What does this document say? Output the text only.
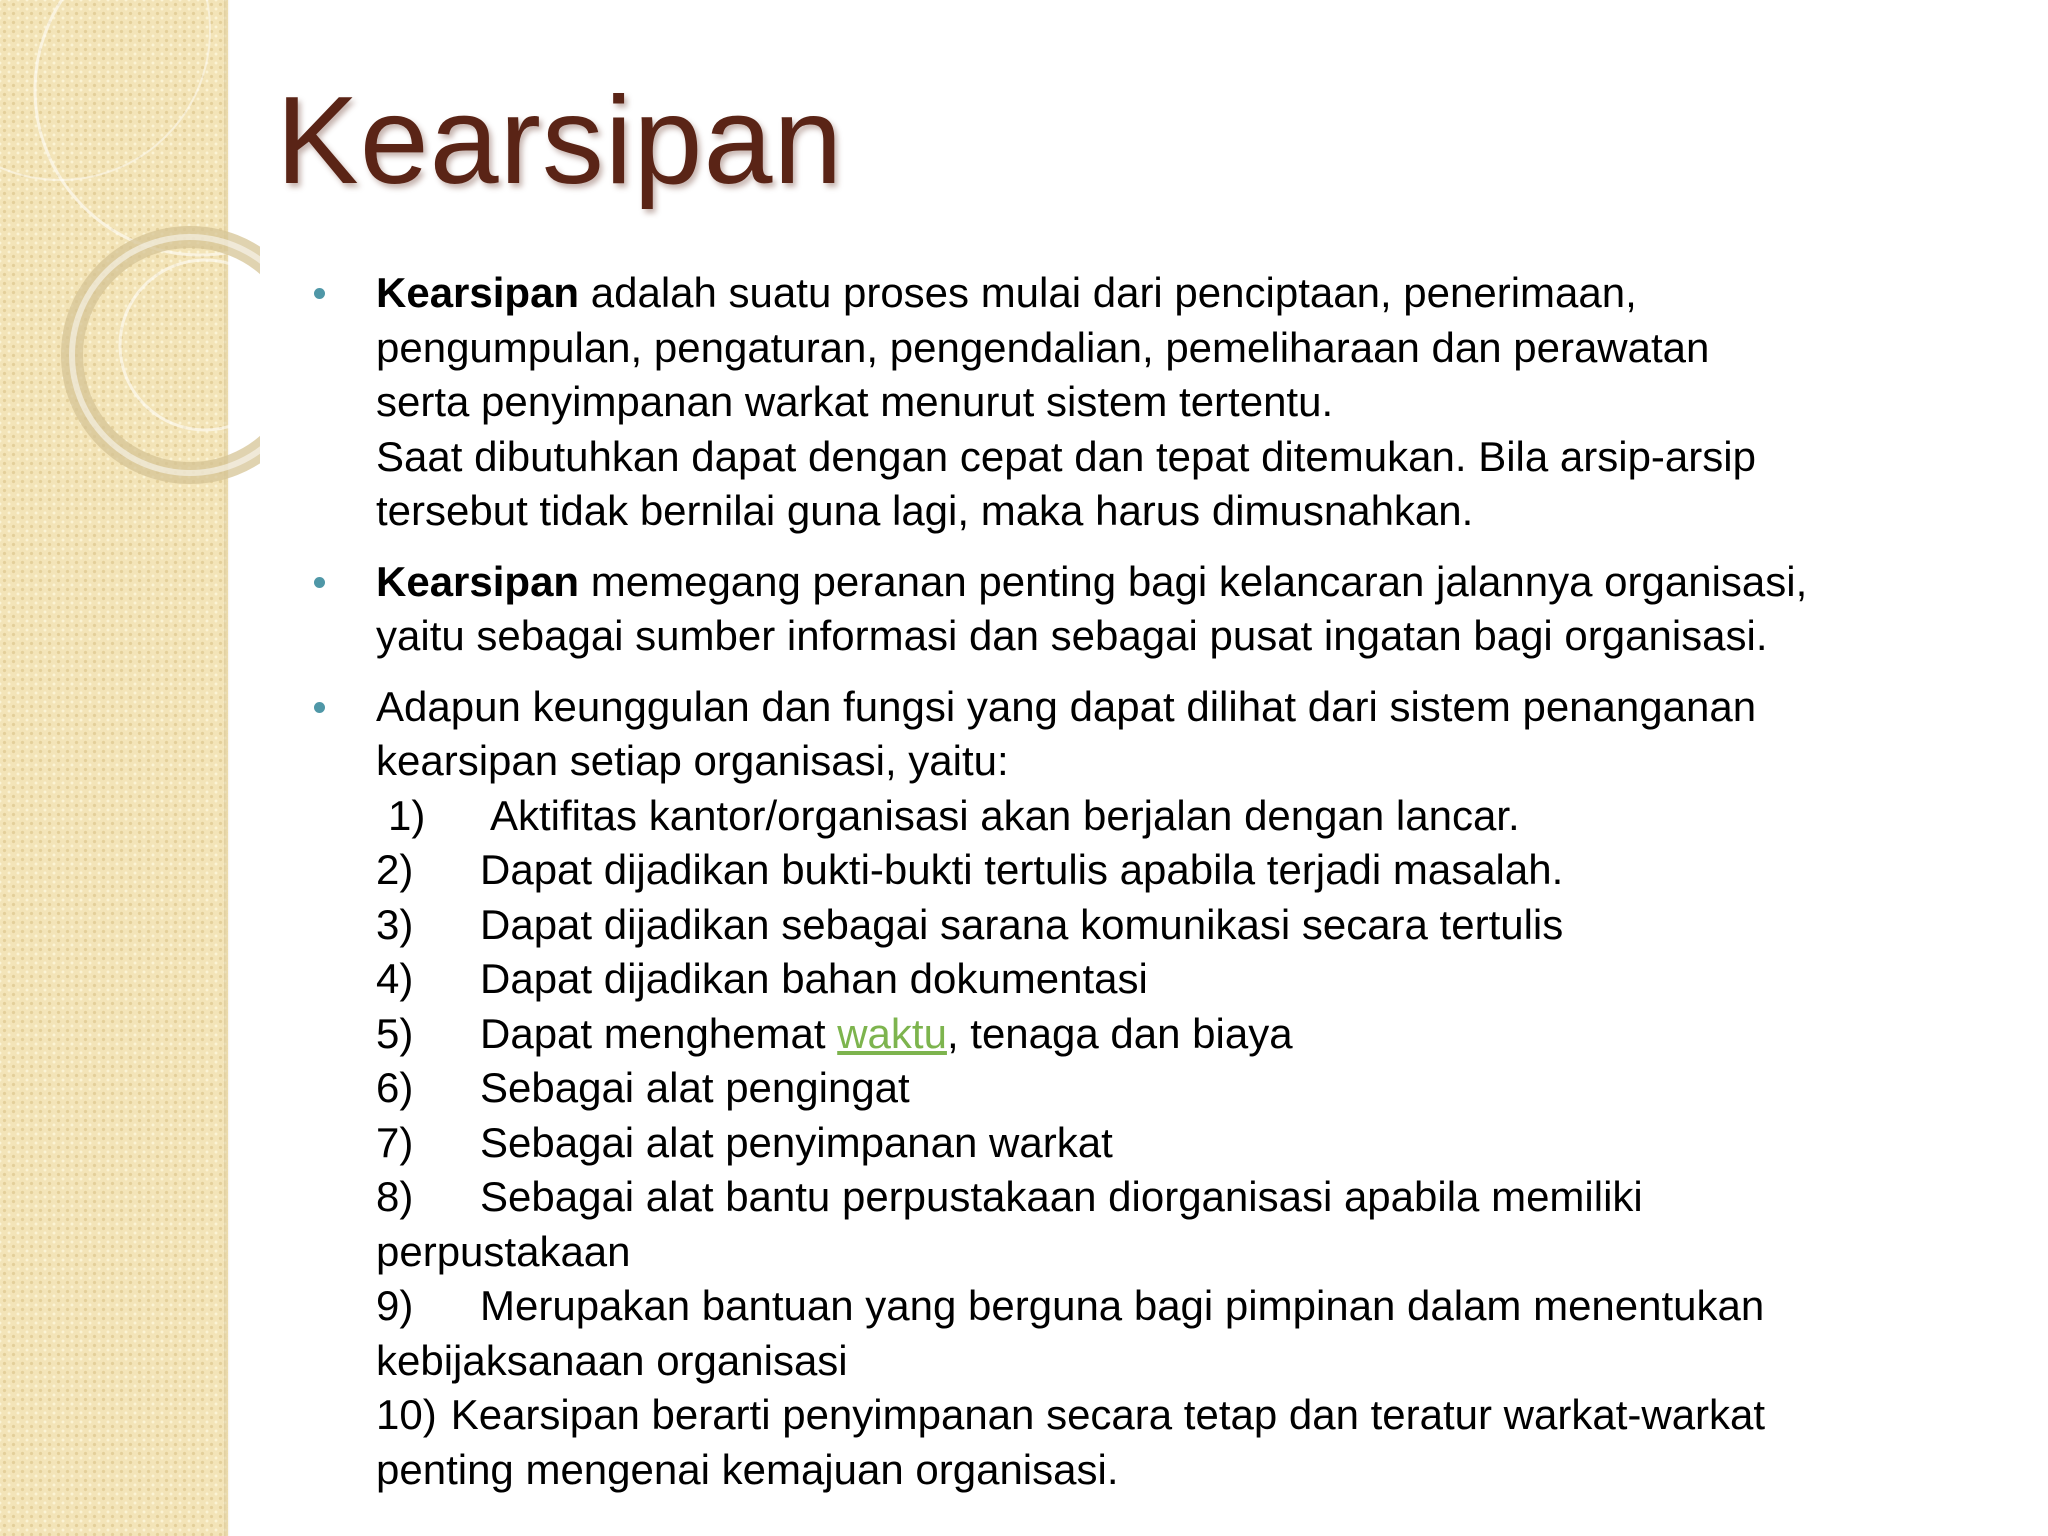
Kearsipan
Kearsipan adalah suatu proses mulai dari penciptaan, penerimaan,
pengumpulan, pengaturan, pengendalian, pemeliharaan dan perawatan
serta penyimpanan warkat menurut sistem tertentu.
Saat dibutuhkan dapat dengan cepat dan tepat ditemukan. Bila arsip-arsip
tersebut tidak bernilai guna lagi, maka harus dimusnahkan.
Kearsipan memegang peranan penting bagi kelancaran jalannya organisasi,
yaitu sebagai sumber informasi dan sebagai pusat ingatan bagi organisasi.
Adapun keunggulan dan fungsi yang dapat dilihat dari sistem penanganan
kearsipan setiap organisasi, yaitu:
1) Aktifitas kantor/organisasi akan berjalan dengan lancar.
2) Dapat dijadikan bukti-bukti tertulis apabila terjadi masalah.
3) Dapat dijadikan sebagai sarana komunikasi secara tertulis
4) Dapat dijadikan bahan dokumentasi
5) Dapat menghemat waktu, tenaga dan biaya
6) Sebagai alat pengingat
7) Sebagai alat penyimpanan warkat
8) Sebagai alat bantu perpustakaan diorganisasi apabila memiliki
perpustakaan
9) Merupakan bantuan yang berguna bagi pimpinan dalam menentukan
kebijaksanaan organisasi
10) Kearsipan berarti penyimpanan secara tetap dan teratur warkat-warkat
penting mengenai kemajuan organisasi.
